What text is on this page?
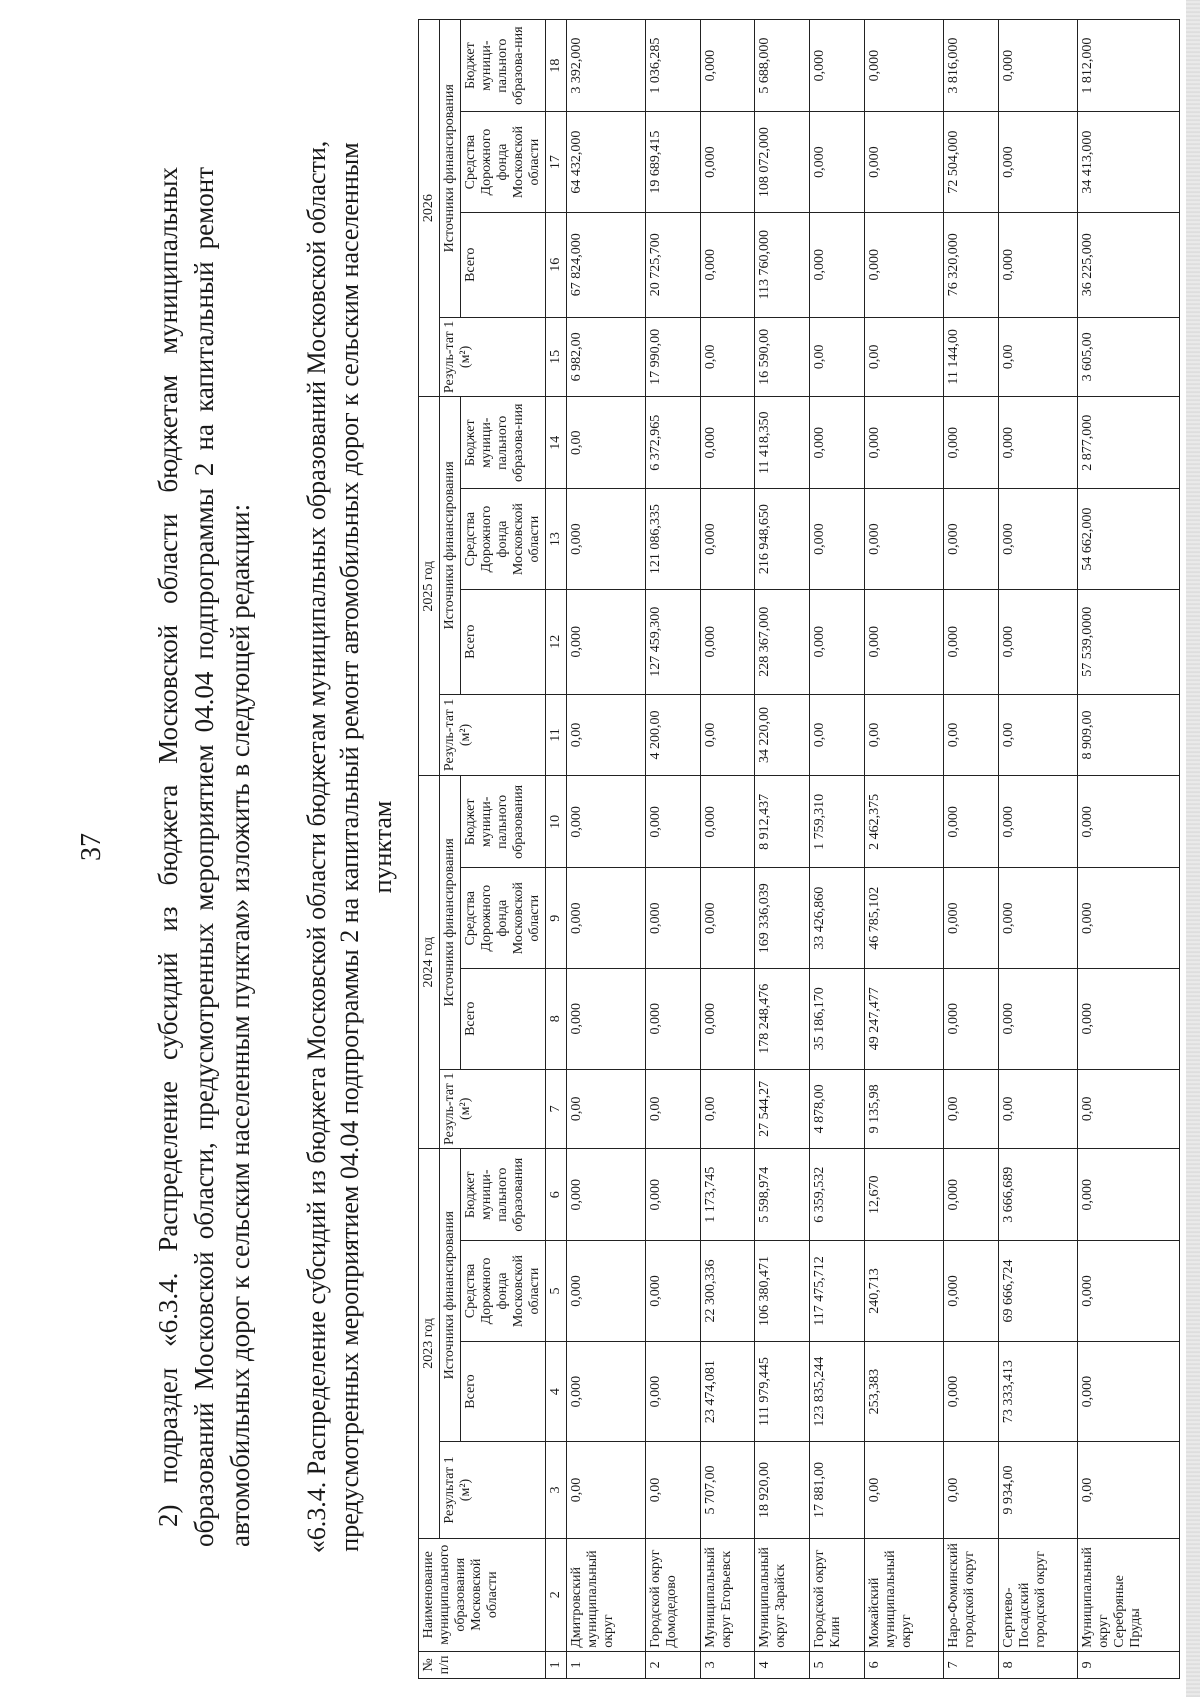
37 2) подраздел «6.3.4. Распределение субсидий из бюджета Московской области бюджетам муниципальных образований Московской области, предусмотренных мероприятием 04.04 подпрограммы 2 на капитальный ремонт автомобильных дорог к сельским населенным пунктам» изложить в следующей редакции: «6.3.4. Распределение субсидий из бюджета Московской области бюджетам муниципальных образований Московской области, предусмотренных мероприятием 04.04 подпрограммы 2 на капитальный ремонт автомобильных дорог к сельским населенным пунктам
№ п/п	Наименование муниципального образования Московской области	2023 год				2024 год				2025 год				2026			
		Результат 1 (м²)	Источники финансирования			Резуль-тат 1 (м²)	Источники финансирования			Резуль-тат 1 (м²)	Источники финансирования			Резуль-тат 1 (м²)	Источники финансирования		
			Всего	Средства Дорожного фонда Московской области	Бюджет муници-пального образования		Всего	Средства Дорожного фонда Московской области	Бюджет муници-пального образования		Всего	Средства Дорожного фонда Московской области	Бюджет муници-пального образова-ния		Всего	Средства Дорожного фонда Московской области	Бюджет муници-пального образова-ния
1	2	3	4	5	6	7	8	9	10	11	12	13	14	15	16	17	18
1	Дмитровский муниципальный округ	0,00	0,000	0,000	0,000	0,00	0,000	0,000	0,000	0,00	0,000	0,000	0,00	6 982,00	67 824,000	64 432,000	3 392,000
2	Городской округ Домодедово	0,00	0,000	0,000	0,000	0,00	0,000	0,000	0,000	4 200,00	127 459,300	121 086,335	6 372,965	17 990,00	20 725,700	19 689,415	1 036,285
3	Муниципальный округ Егорьевск	5 707,00	23 474,081	22 300,336	1 173,745	0,00	0,000	0,000	0,000	0,00	0,000	0,000	0,000	0,00	0,000	0,000	0,000
4	Муниципальный округ Зарайск	18 920,00	111 979,445	106 380,471	5 598,974	27 544,27	178 248,476	169 336,039	8 912,437	34 220,00	228 367,000	216 948,650	11 418,350	16 590,00	113 760,000	108 072,000	5 688,000
5	Городской округ Клин	17 881,00	123 835,244	117 475,712	6 359,532	4 878,00	35 186,170	33 426,860	1 759,310	0,00	0,000	0,000	0,000	0,00	0,000	0,000	0,000
6	Можайский муниципальный округ	0,00	253,383	240,713	12,670	9 135,98	49 247,477	46 785,102	2 462,375	0,00	0,000	0,000	0,000	0,00	0,000	0,000	0,000
7	Наро-Фоминский городской округ	0,00	0,000	0,000	0,000	0,00	0,000	0,000	0,000	0,00	0,000	0,000	0,000	11 144,00	76 320,000	72 504,000	3 816,000
8	Сергиево-Посадский городской округ	9 934,00	73 333,413	69 666,724	3 666,689	0,00	0,000	0,000	0,000	0,00	0,000	0,000	0,000	0,00	0,000	0,000	0,000
9	Муниципальный округ Серебряные Пруды	0,00	0,000	0,000	0,000	0,00	0,000	0,000	0,000	8 909,00	57 539,0000	54 662,000	2 877,000	3 605,00	36 225,000	34 413,000	1 812,000
